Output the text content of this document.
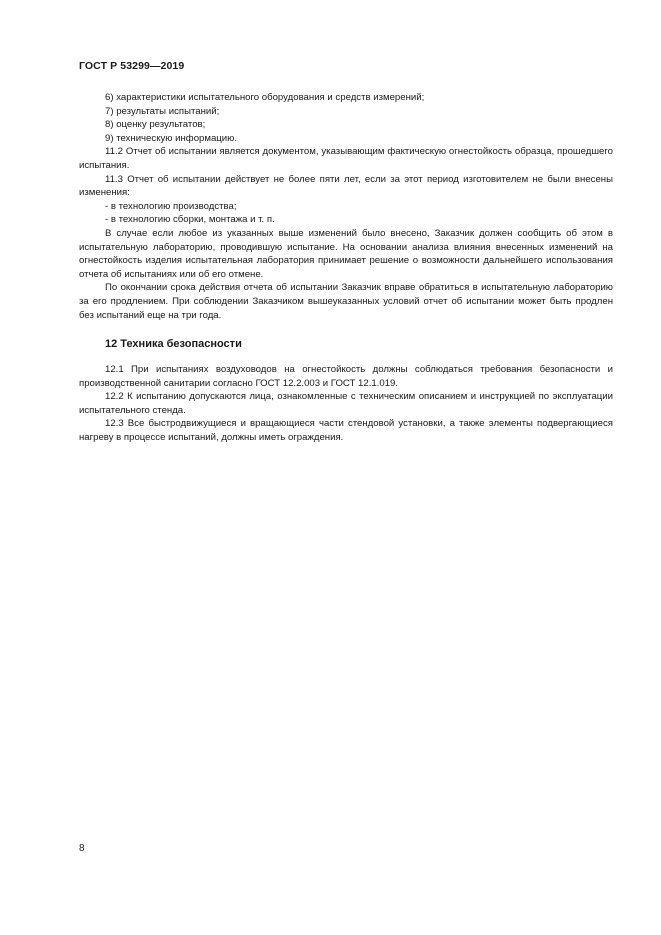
ГОСТ Р 53299—2019

6) характеристики испытательного оборудования и средств измерений;

7) результаты испытаний;

8) оценку результатов;

9) техническую информацию.

11.2 Отчет об испытании является документом, указывающим фактическую огнестойкость образца, прошедшего испытания.

11.3 Отчет об испытании действует не более пяти лет, если за этот период изготовителем не были внесены изменения:

- в технологию производства;

- в технологию сборки, монтажа и т. п.

В случае если любое из указанных выше изменений было внесено, Заказчик должен сообщить об этом в испытательную лабораторию, проводившую испытание. На основании анализа влияния внесенных изменений на огнестойкость изделия испытательная лаборатория принимает решение о возможности дальнейшего использования отчета об испытаниях или об его отмене.

По окончании срока действия отчета об испытании Заказчик вправе обратиться в испытательную лабораторию за его продлением. При соблюдении Заказчиком вышеуказанных условий отчет об испытании может быть продлен без испытаний еще на три года.

12 Техника безопасности

12.1 При испытаниях воздуховодов на огнестойкость должны соблюдаться требования безопасности и производственной санитарии согласно ГОСТ 12.2.003 и ГОСТ 12.1.019.

12.2 К испытанию допускаются лица, ознакомленные с техническим описанием и инструкцией по эксплуатации испытательного стенда.

12.3 Все быстродвижущиеся и вращающиеся части стендовой установки, а также элементы подвергающиеся нагреву в процессе испытаний, должны иметь ограждения.

8
